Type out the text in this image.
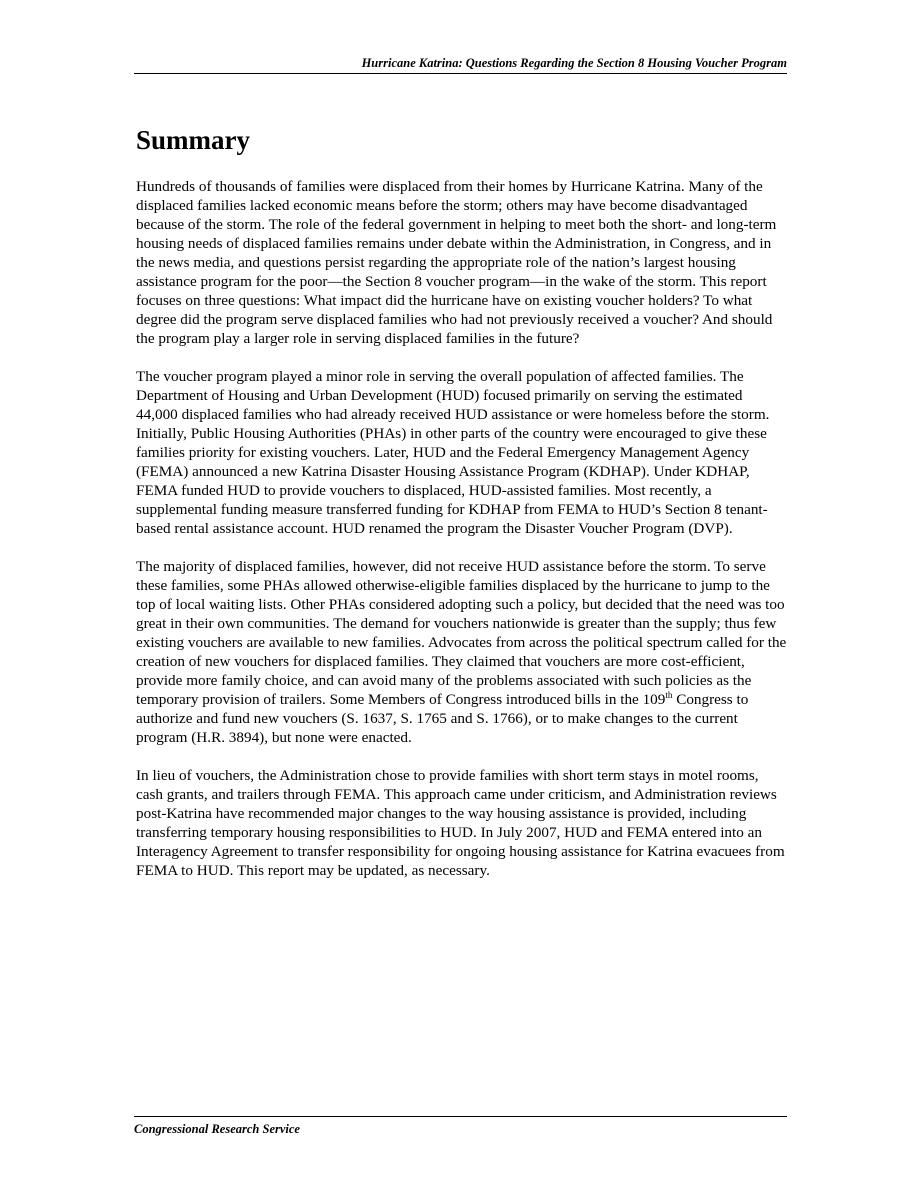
Hurricane Katrina: Questions Regarding the Section 8 Housing Voucher Program
Summary

Hundreds of thousands of families were displaced from their homes by Hurricane Katrina. Many of the displaced families lacked economic means before the storm; others may have become disadvantaged because of the storm. The role of the federal government in helping to meet both the short- and long-term housing needs of displaced families remains under debate within the Administration, in Congress, and in the news media, and questions persist regarding the appropriate role of the nation’s largest housing assistance program for the poor—the Section 8 voucher program—in the wake of the storm. This report focuses on three questions: What impact did the hurricane have on existing voucher holders? To what degree did the program serve displaced families who had not previously received a voucher? And should the program play a larger role in serving displaced families in the future?

The voucher program played a minor role in serving the overall population of affected families. The Department of Housing and Urban Development (HUD) focused primarily on serving the estimated 44,000 displaced families who had already received HUD assistance or were homeless before the storm. Initially, Public Housing Authorities (PHAs) in other parts of the country were encouraged to give these families priority for existing vouchers. Later, HUD and the Federal Emergency Management Agency (FEMA) announced a new Katrina Disaster Housing Assistance Program (KDHAP). Under KDHAP, FEMA funded HUD to provide vouchers to displaced, HUD-assisted families. Most recently, a supplemental funding measure transferred funding for KDHAP from FEMA to HUD’s Section 8 tenant-based rental assistance account. HUD renamed the program the Disaster Voucher Program (DVP).

The majority of displaced families, however, did not receive HUD assistance before the storm. To serve these families, some PHAs allowed otherwise-eligible families displaced by the hurricane to jump to the top of local waiting lists. Other PHAs considered adopting such a policy, but decided that the need was too great in their own communities. The demand for vouchers nationwide is greater than the supply; thus few existing vouchers are available to new families. Advocates from across the political spectrum called for the creation of new vouchers for displaced families. They claimed that vouchers are more cost-efficient, provide more family choice, and can avoid many of the problems associated with such policies as the temporary provision of trailers. Some Members of Congress introduced bills in the 109th Congress to authorize and fund new vouchers (S. 1637, S. 1765 and S. 1766), or to make changes to the current program (H.R. 3894), but none were enacted.

In lieu of vouchers, the Administration chose to provide families with short term stays in motel rooms, cash grants, and trailers through FEMA. This approach came under criticism, and Administration reviews post-Katrina have recommended major changes to the way housing assistance is provided, including transferring temporary housing responsibilities to HUD. In July 2007, HUD and FEMA entered into an Interagency Agreement to transfer responsibility for ongoing housing assistance for Katrina evacuees from FEMA to HUD. This report may be updated, as necessary.

Congressional Research Service
